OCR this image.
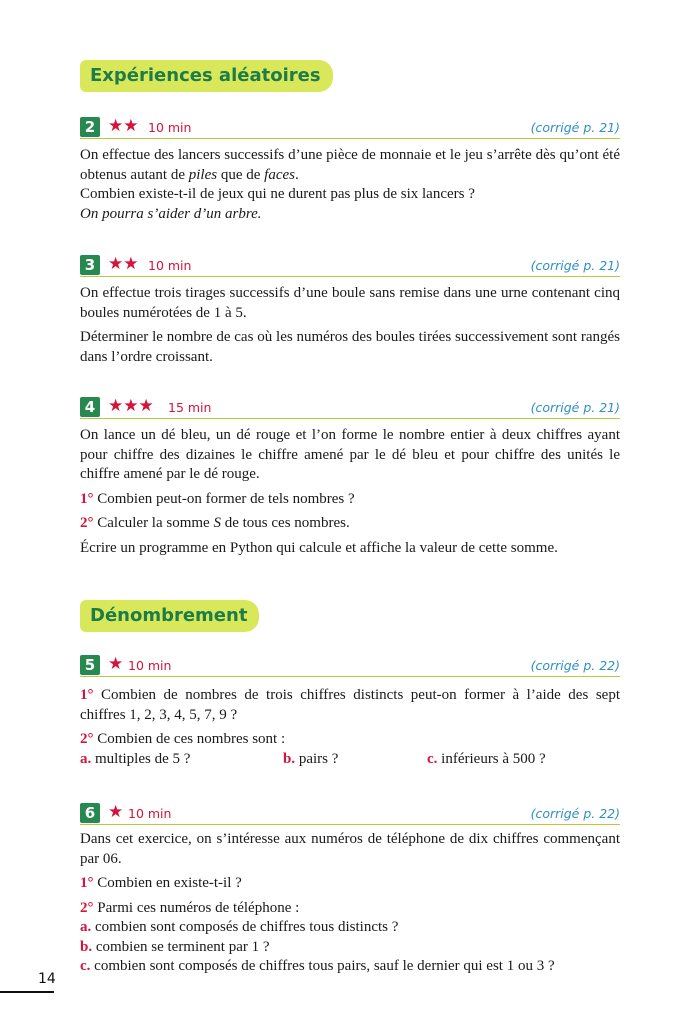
Expériences aléatoires
2 ★★ 10 min	(corrigé p. 21)

On effectue des lancers successifs d’une pièce de monnaie et le jeu s’arrête dès qu’ont été obtenus autant de piles que de faces.

Combien existe-t-il de jeux qui ne durent pas plus de six lancers ?

On pourra s’aider d’un arbre.

3 ★★ 10 min	(corrigé p. 21)

On effectue trois tirages successifs d’une boule sans remise dans une urne contenant cinq boules numérotées de 1 à 5.

Déterminer le nombre de cas où les numéros des boules tirées successivement sont rangés dans l’ordre croissant.

4 ★★★ 15 min	(corrigé p. 21)

On lance un dé bleu, un dé rouge et l’on forme le nombre entier à deux chiffres ayant pour chiffre des dizaines le chiffre amené par le dé bleu et pour chiffre des unités le chiffre amené par le dé rouge.

1° Combien peut-on former de tels nombres ?

2° Calculer la somme S de tous ces nombres.

Écrire un programme en Python qui calcule et affiche la valeur de cette somme.

Dénombrement
5 ★ 10 min	(corrigé p. 22)

1° Combien de nombres de trois chiffres distincts peut-on former à l’aide des sept chiffres 1, 2, 3, 4, 5, 7, 9 ?

2° Combien de ces nombres sont :

a. multiples de 5 ?	b. pairs ?	c. inférieurs à 500 ?
6 ★ 10 min	(corrigé p. 22)

Dans cet exercice, on s’intéresse aux numéros de téléphone de dix chiffres commençant par 06.

1° Combien en existe-t-il ?

2° Parmi ces numéros de téléphone :

a. combien sont composés de chiffres tous distincts ?

b. combien se terminent par 1 ?

c. combien sont composés de chiffres tous pairs, sauf le dernier qui est 1 ou 3 ?

14
